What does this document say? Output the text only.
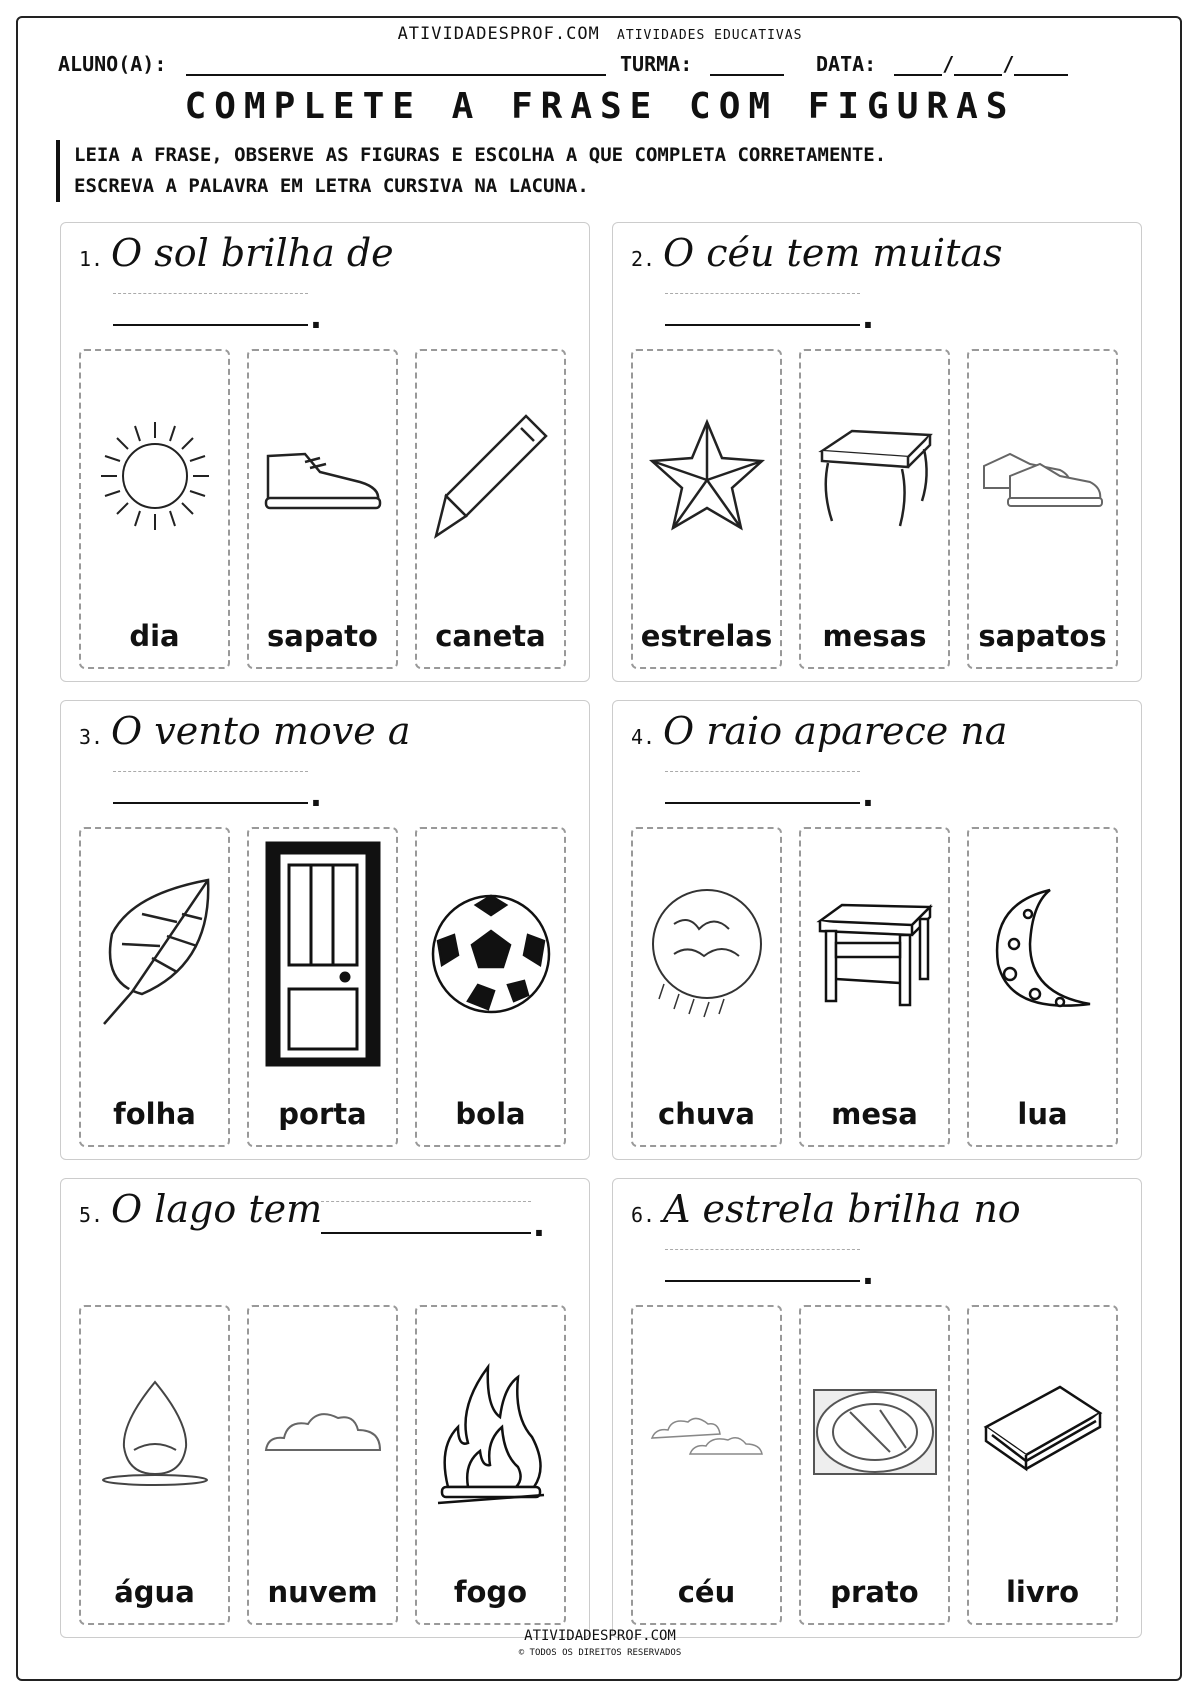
ATIVIDADESPROF.COM ATIVIDADES EDUCATIVAS
ALUNO(A):	TURMA:	DATA:	/ /
COMPLETE A FRASE COM FIGURAS
LEIA A FRASE, OBSERVE AS FIGURAS E ESCOLHA A QUE COMPLETA CORRETAMENTE.
ESCREVA A PALAVRA EM LETRA CURSIVA NA LACUNA.
1. O sol brilha de
.
dia	sapato	caneta
2. O céu tem muitas
.
estrelas	mesas	sapatos
3. O vento move a
.
folha	porta	bola
4. O raio aparece na
.
chuva	mesa	lua
5. O lago tem
.
água	nuvem	fogo
6. A estrela brilha no
.
céu	prato	livro
ATIVIDADESPROF.COM
© TODOS OS DIREITOS RESERVADOS
